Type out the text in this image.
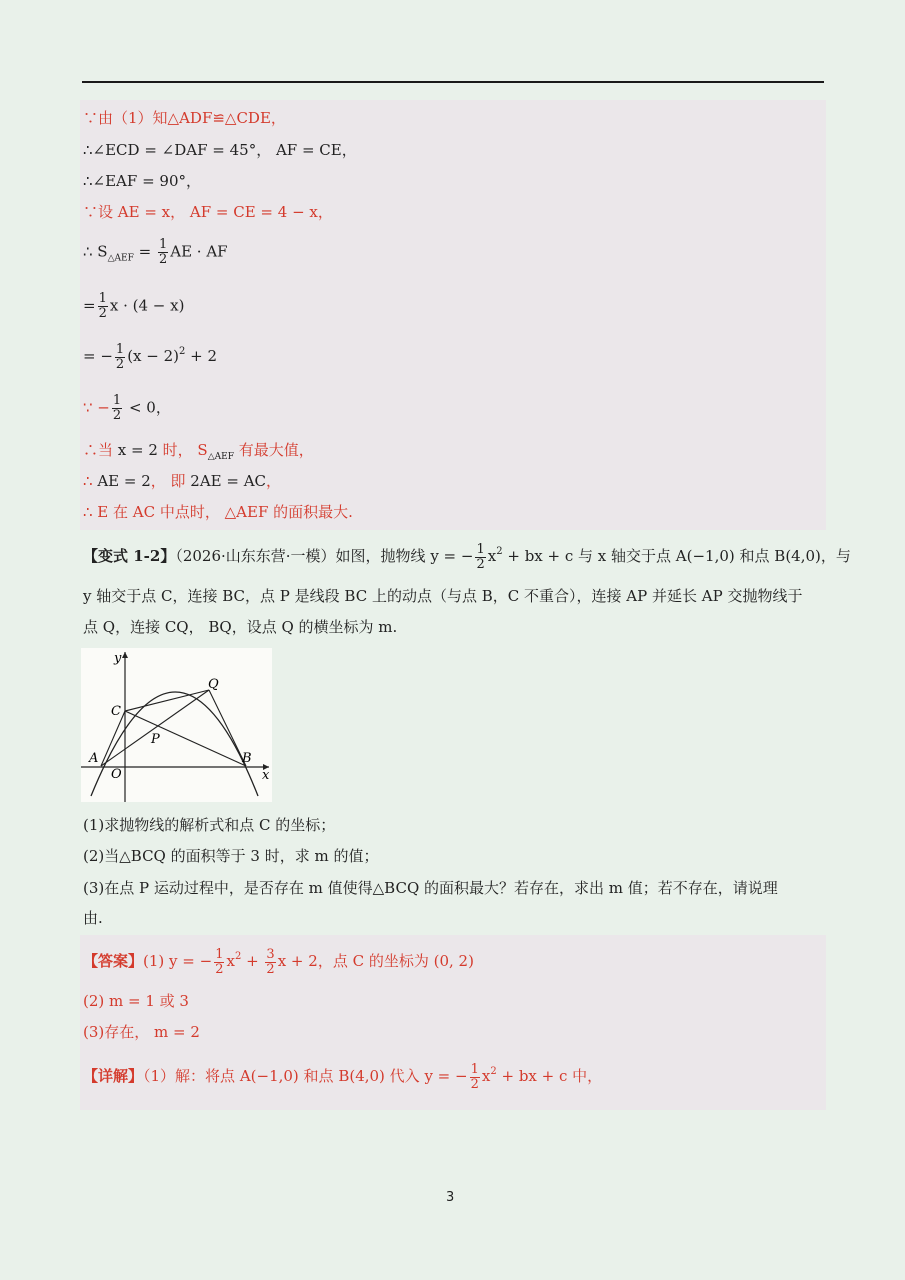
∵由（1）知△ADF≌△CDE，
∴∠ECD = ∠DAF = 45°， AF = CE，
∴∠EAF = 90°，
∵设 AE = x， AF = CE = 4 − x，
∴ $S_{\triangle AEF} = \frac{1}{2}$ AE · AF
= $\frac{1}{2}$ x · (4 − x)
= − $\frac{1}{2} (x - 2)^2 + 2$
∵ − $\frac{1}{2} < 0$，
∴当 x = 2 时， $S_{\triangle AEF}$ 有最大值，
∴ AE = 2， 即 2AE = AC，
∴ E 在 AC 中点时， △AEF 的面积最大.
【变式 1-2】（2026·山东东营·一模）如图，抛物线 y = − $\frac{1}{2} x^2$ + bx + c 与 x 轴交于点 A(−1,0) 和点 B(4,0)，与
y 轴交于点 C，连接 BC，点 P 是线段 BC 上的动点（与点 B，C 不重合），连接 AP 并延长 AP 交抛物线于
点 Q，连接 CQ， BQ，设点 Q 的横坐标为 m.
y
x
Q
C
P
A
O
B
(1)求抛物线的解析式和点 C 的坐标；
(2)当△BCQ 的面积等于 3 时，求 m 的值；
(3)在点 P 运动过程中，是否存在 m 值使得△BCQ 的面积最大？若存在，求出 m 值；若不存在，请说理
由.
【答案】(1) y = − $\frac{1}{2} x^2 + \frac{3}{2}$ x + 2，点 C 的坐标为 (0, 2)
(2) m = 1 或 3
(3)存在， m = 2
【详解】（1）解：将点 A(−1,0) 和点 B(4,0) 代入 y = − $\frac{1}{2} x^2$ + bx + c 中，
3
